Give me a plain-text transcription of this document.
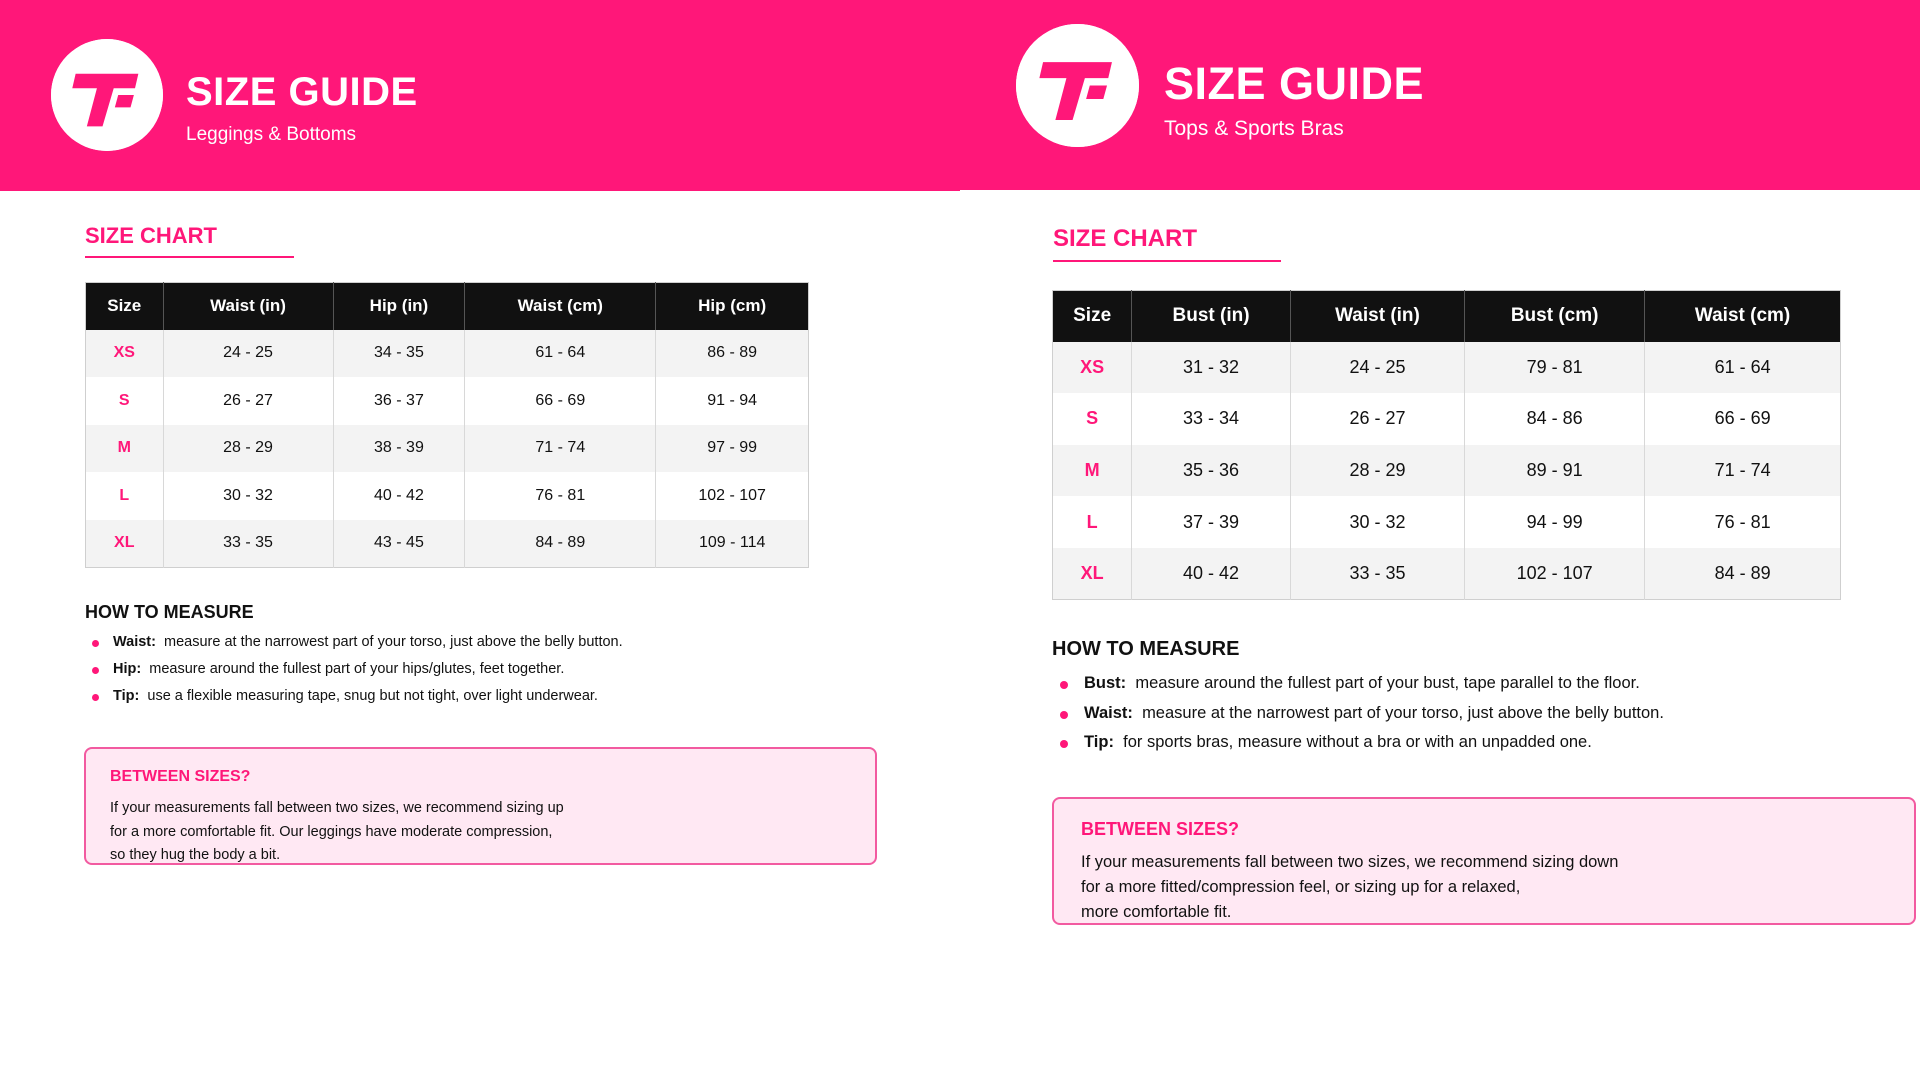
SIZE GUIDE
Leggings & Bottoms
SIZE CHART
Size	Waist (in)	Hip (in)	Waist (cm)	Hip (cm)
XS	24 - 25	34 - 35	61 - 64	86 - 89
S	26 - 27	36 - 37	66 - 69	91 - 94
M	28 - 29	38 - 39	71 - 74	97 - 99
L	30 - 32	40 - 42	76 - 81	102 - 107
XL	33 - 35	43 - 45	84 - 89	109 - 114
HOW TO MEASURE
Waist: measure at the narrowest part of your torso, just above the belly button.
Hip: measure around the fullest part of your hips/glutes, feet together.
Tip: use a flexible measuring tape, snug but not tight, over light underwear.
BETWEEN SIZES?
If your measurements fall between two sizes, we recommend sizing up
for a more comfortable fit. Our leggings have moderate compression,
so they hug the body a bit.
SIZE GUIDE
Tops & Sports Bras
SIZE CHART
Size	Bust (in)	Waist (in)	Bust (cm)	Waist (cm)
XS	31 - 32	24 - 25	79 - 81	61 - 64
S	33 - 34	26 - 27	84 - 86	66 - 69
M	35 - 36	28 - 29	89 - 91	71 - 74
L	37 - 39	30 - 32	94 - 99	76 - 81
XL	40 - 42	33 - 35	102 - 107	84 - 89
HOW TO MEASURE
Bust: measure around the fullest part of your bust, tape parallel to the floor.
Waist: measure at the narrowest part of your torso, just above the belly button.
Tip: for sports bras, measure without a bra or with an unpadded one.
BETWEEN SIZES?
If your measurements fall between two sizes, we recommend sizing down
for a more fitted/compression feel, or sizing up for a relaxed,
more comfortable fit.
